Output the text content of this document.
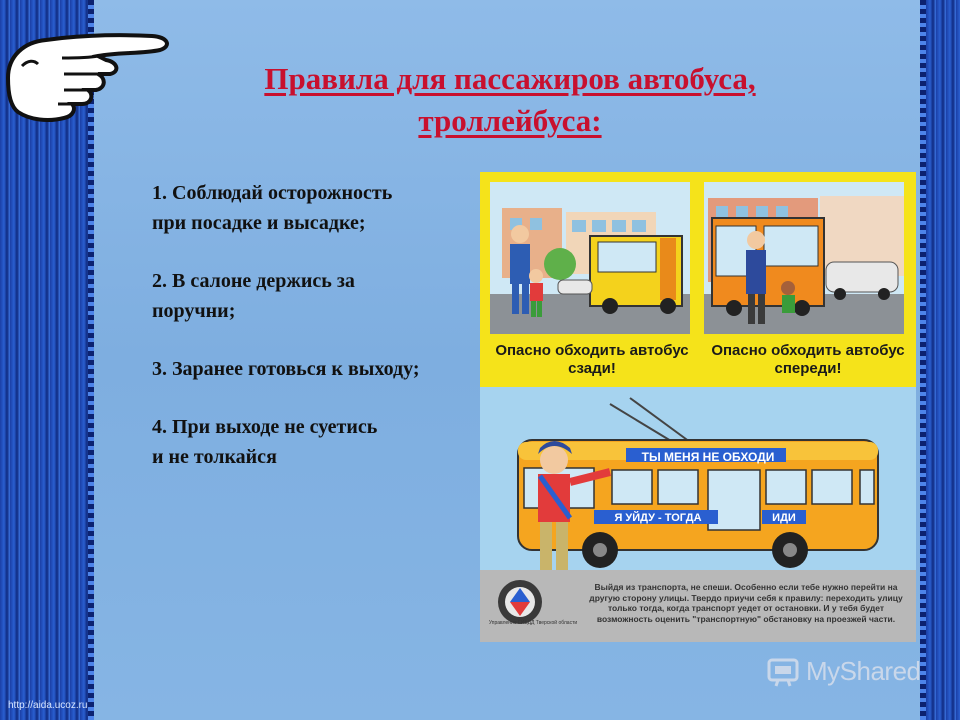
Правила для пассажиров автобуса,
троллейбуса:

1. Соблюдай осторожность
при посадке и высадке;

2. В салоне держись за
поручни;

3. Заранее готовься к выходу;

4. При выходе не суетись
и не толкайся

Опасно обходить автобус сзади!
Опасно обходить автобус спереди!
ТЫ МЕНЯ НЕ ОБХОДИ
Я УЙДУ - ТОГДА	ИДИ
Выйдя из транспорта, не спеши. Особенно если тебе нужно перейти на другую сторону улицы. Твердо приучи себя к правилу: переходить улицу только тогда, когда транспорт уедет от остановки. И у тебя будет возможность оценить "транспортную" обстановку на проезжей части.
Управление ГИБДД Тверской области
MyShared
http://aida.ucoz.ru
